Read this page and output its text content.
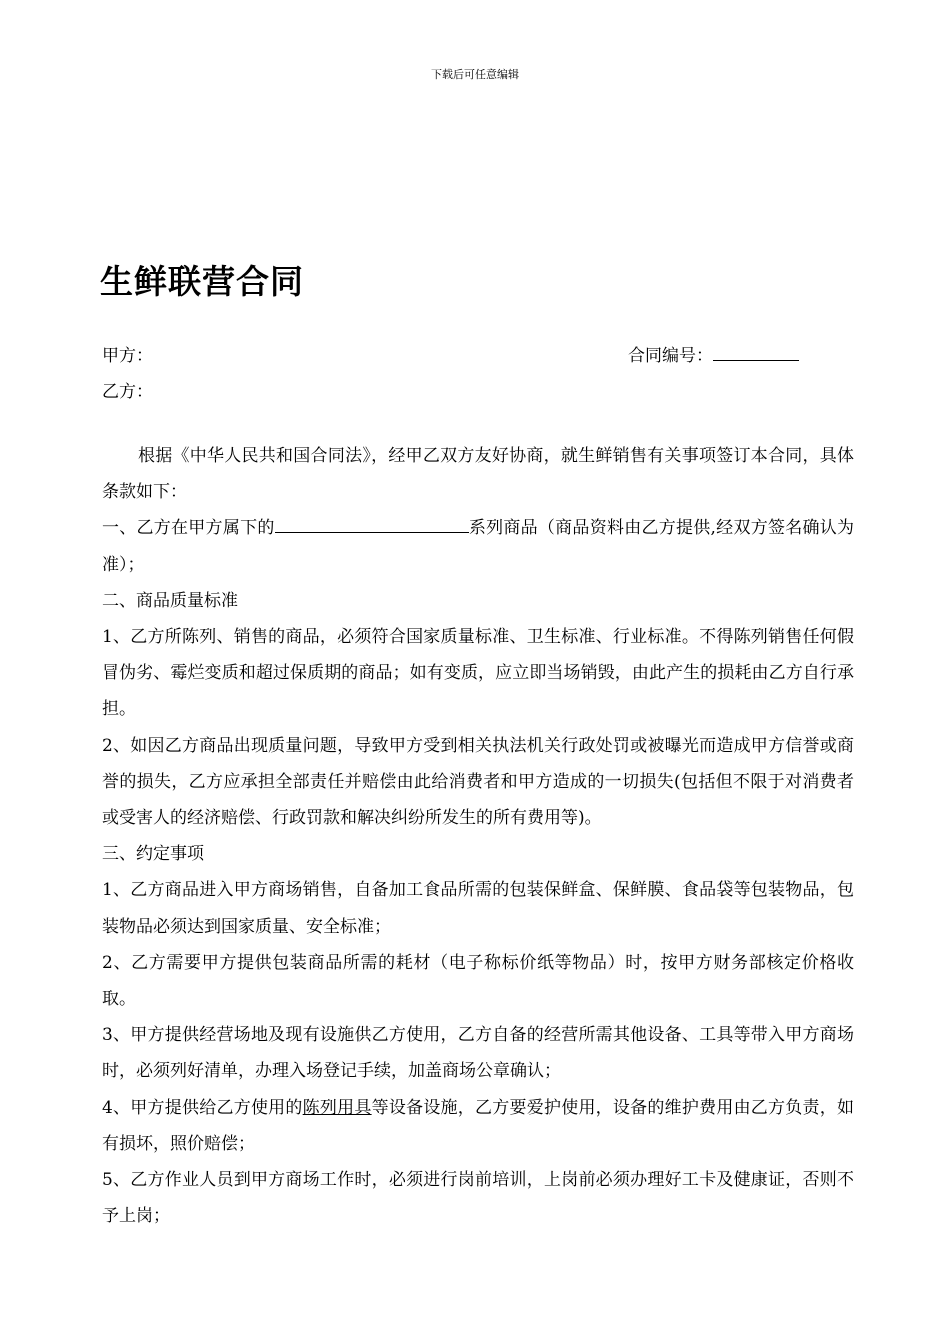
下载后可任意编辑
生鲜联营合同
甲方：	合同编号：
乙方：

根据《中华人民共和国合同法》，经甲乙双方友好协商，就生鲜销售有关事项签订本合同，具体条款如下：

一、乙方在甲方属下的	系列商品（商品资料由乙方提供,经双方签名确认为准）；

二、商品质量标准

1、乙方所陈列、销售的商品，必须符合国家质量标准、卫生标准、行业标准。不得陈列销售任何假冒伪劣、霉烂变质和超过保质期的商品；如有变质，应立即当场销毁，由此产生的损耗由乙方自行承担。

2、如因乙方商品出现质量问题，导致甲方受到相关执法机关行政处罚或被曝光而造成甲方信誉或商誉的损失，乙方应承担全部责任并赔偿由此给消费者和甲方造成的一切损失(包括但不限于对消费者或受害人的经济赔偿、行政罚款和解决纠纷所发生的所有费用等)。

三、约定事项

1、乙方商品进入甲方商场销售，自备加工食品所需的包装保鲜盒、保鲜膜、食品袋等包装物品，包装物品必须达到国家质量、安全标准；

2、乙方需要甲方提供包装商品所需的耗材（电子称标价纸等物品）时，按甲方财务部核定价格收取。

3、甲方提供经营场地及现有设施供乙方使用，乙方自备的经营所需其他设备、工具等带入甲方商场时，必须列好清单，办理入场登记手续，加盖商场公章确认；

4、甲方提供给乙方使用的陈列用具等设备设施，乙方要爱护使用，设备的维护费用由乙方负责，如有损坏，照价赔偿；

5、乙方作业人员到甲方商场工作时，必须进行岗前培训，上岗前必须办理好工卡及健康证，否则不予上岗；
